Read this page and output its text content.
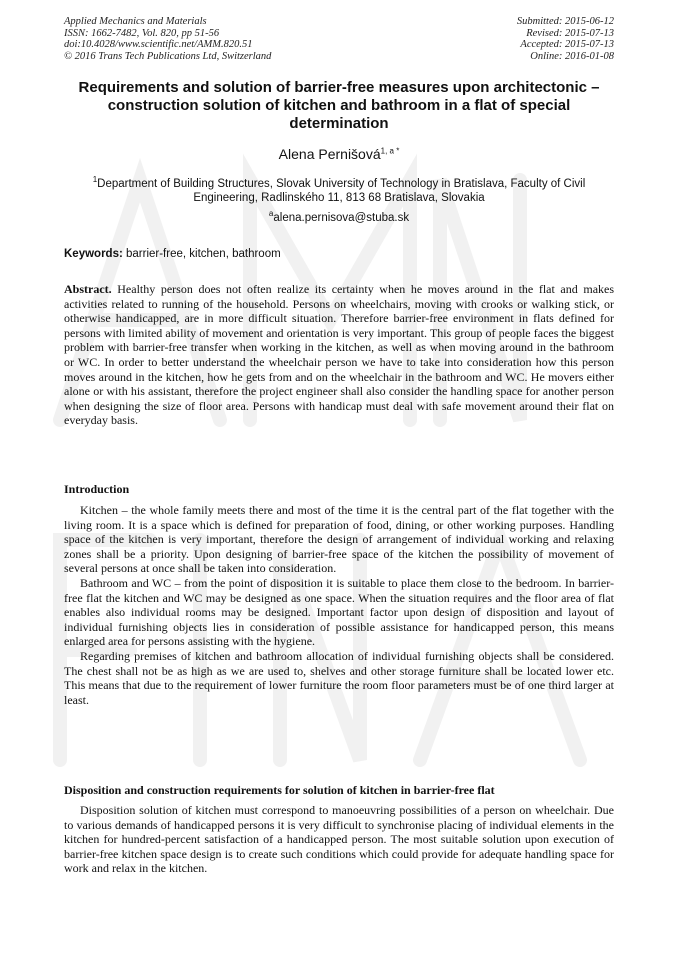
Applied Mechanics and Materials
ISSN: 1662-7482, Vol. 820, pp 51-56
doi:10.4028/www.scientific.net/AMM.820.51
© 2016 Trans Tech Publications Ltd, Switzerland
Submitted: 2015-06-12
Revised: 2015-07-13
Accepted: 2015-07-13
Online: 2016-01-08
Requirements and solution of barrier-free measures upon architectonic – construction solution of kitchen and bathroom in a flat of special determination
Alena Pernišová$^{1, a *}$
$^1$Department of Building Structures, Slovak University of Technology in Bratislava, Faculty of Civil Engineering, Radlinského 11, 813 68 Bratislava, Slovakia
$^a$alena.pernisova@stuba.sk
Keywords: barrier-free, kitchen, bathroom

Abstract. Healthy person does not often realize its certainty when he moves around in the flat and makes activities related to running of the household. Persons on wheelchairs, moving with crooks or walking stick, or otherwise handicapped, are in more difficult situation. Therefore barrier-free environment in flats defined for persons with limited ability of movement and orientation is very important. This group of people faces the biggest problem with barrier-free transfer when working in the kitchen, as well as when moving around in the bathroom or WC. In order to better understand the wheelchair person we have to take into consideration how this person moves around in the kitchen, how he gets from and on the wheelchair in the bathroom and WC. He movers either alone or with his assistant, therefore the project engineer shall also consider the handling space for another person when designing the size of floor area. Persons with handicap must deal with safe movement around their flat on everyday basis.

Introduction

Kitchen – the whole family meets there and most of the time it is the central part of the flat together with the living room. It is a space which is defined for preparation of food, dining, or other working purposes. Handling space of the kitchen is very important, therefore the design of arrangement of individual working and relaxing zones shall be a priority. Upon designing of barrier-free space of the kitchen the possibility of movement of several persons at once shall be taken into consideration.

Bathroom and WC – from the point of disposition it is suitable to place them close to the bedroom. In barrier-free flat the kitchen and WC may be designed as one space. When the situation requires and the floor area of flat enables also individual rooms may be designed. Important factor upon design of disposition and layout of individual furnishing objects lies in consideration of possible assistance for handicapped person, this means enlarged area for persons assisting with the hygiene.

Regarding premises of kitchen and bathroom allocation of individual furnishing objects shall be considered. The chest shall not be as high as we are used to, shelves and other storage furniture shall be located lower etc. This means that due to the requirement of lower furniture the room floor parameters must be of one third larger at least.

Disposition and construction requirements for solution of kitchen in barrier-free flat

Disposition solution of kitchen must correspond to manoeuvring possibilities of a person on wheelchair. Due to various demands of handicapped persons it is very difficult to synchronise placing of individual elements in the kitchen for hundred-percent satisfaction of a handicapped person. The most suitable solution upon execution of barrier-free kitchen space design is to create such conditions which could provide for adequate handling space for work and relax in the kitchen.
